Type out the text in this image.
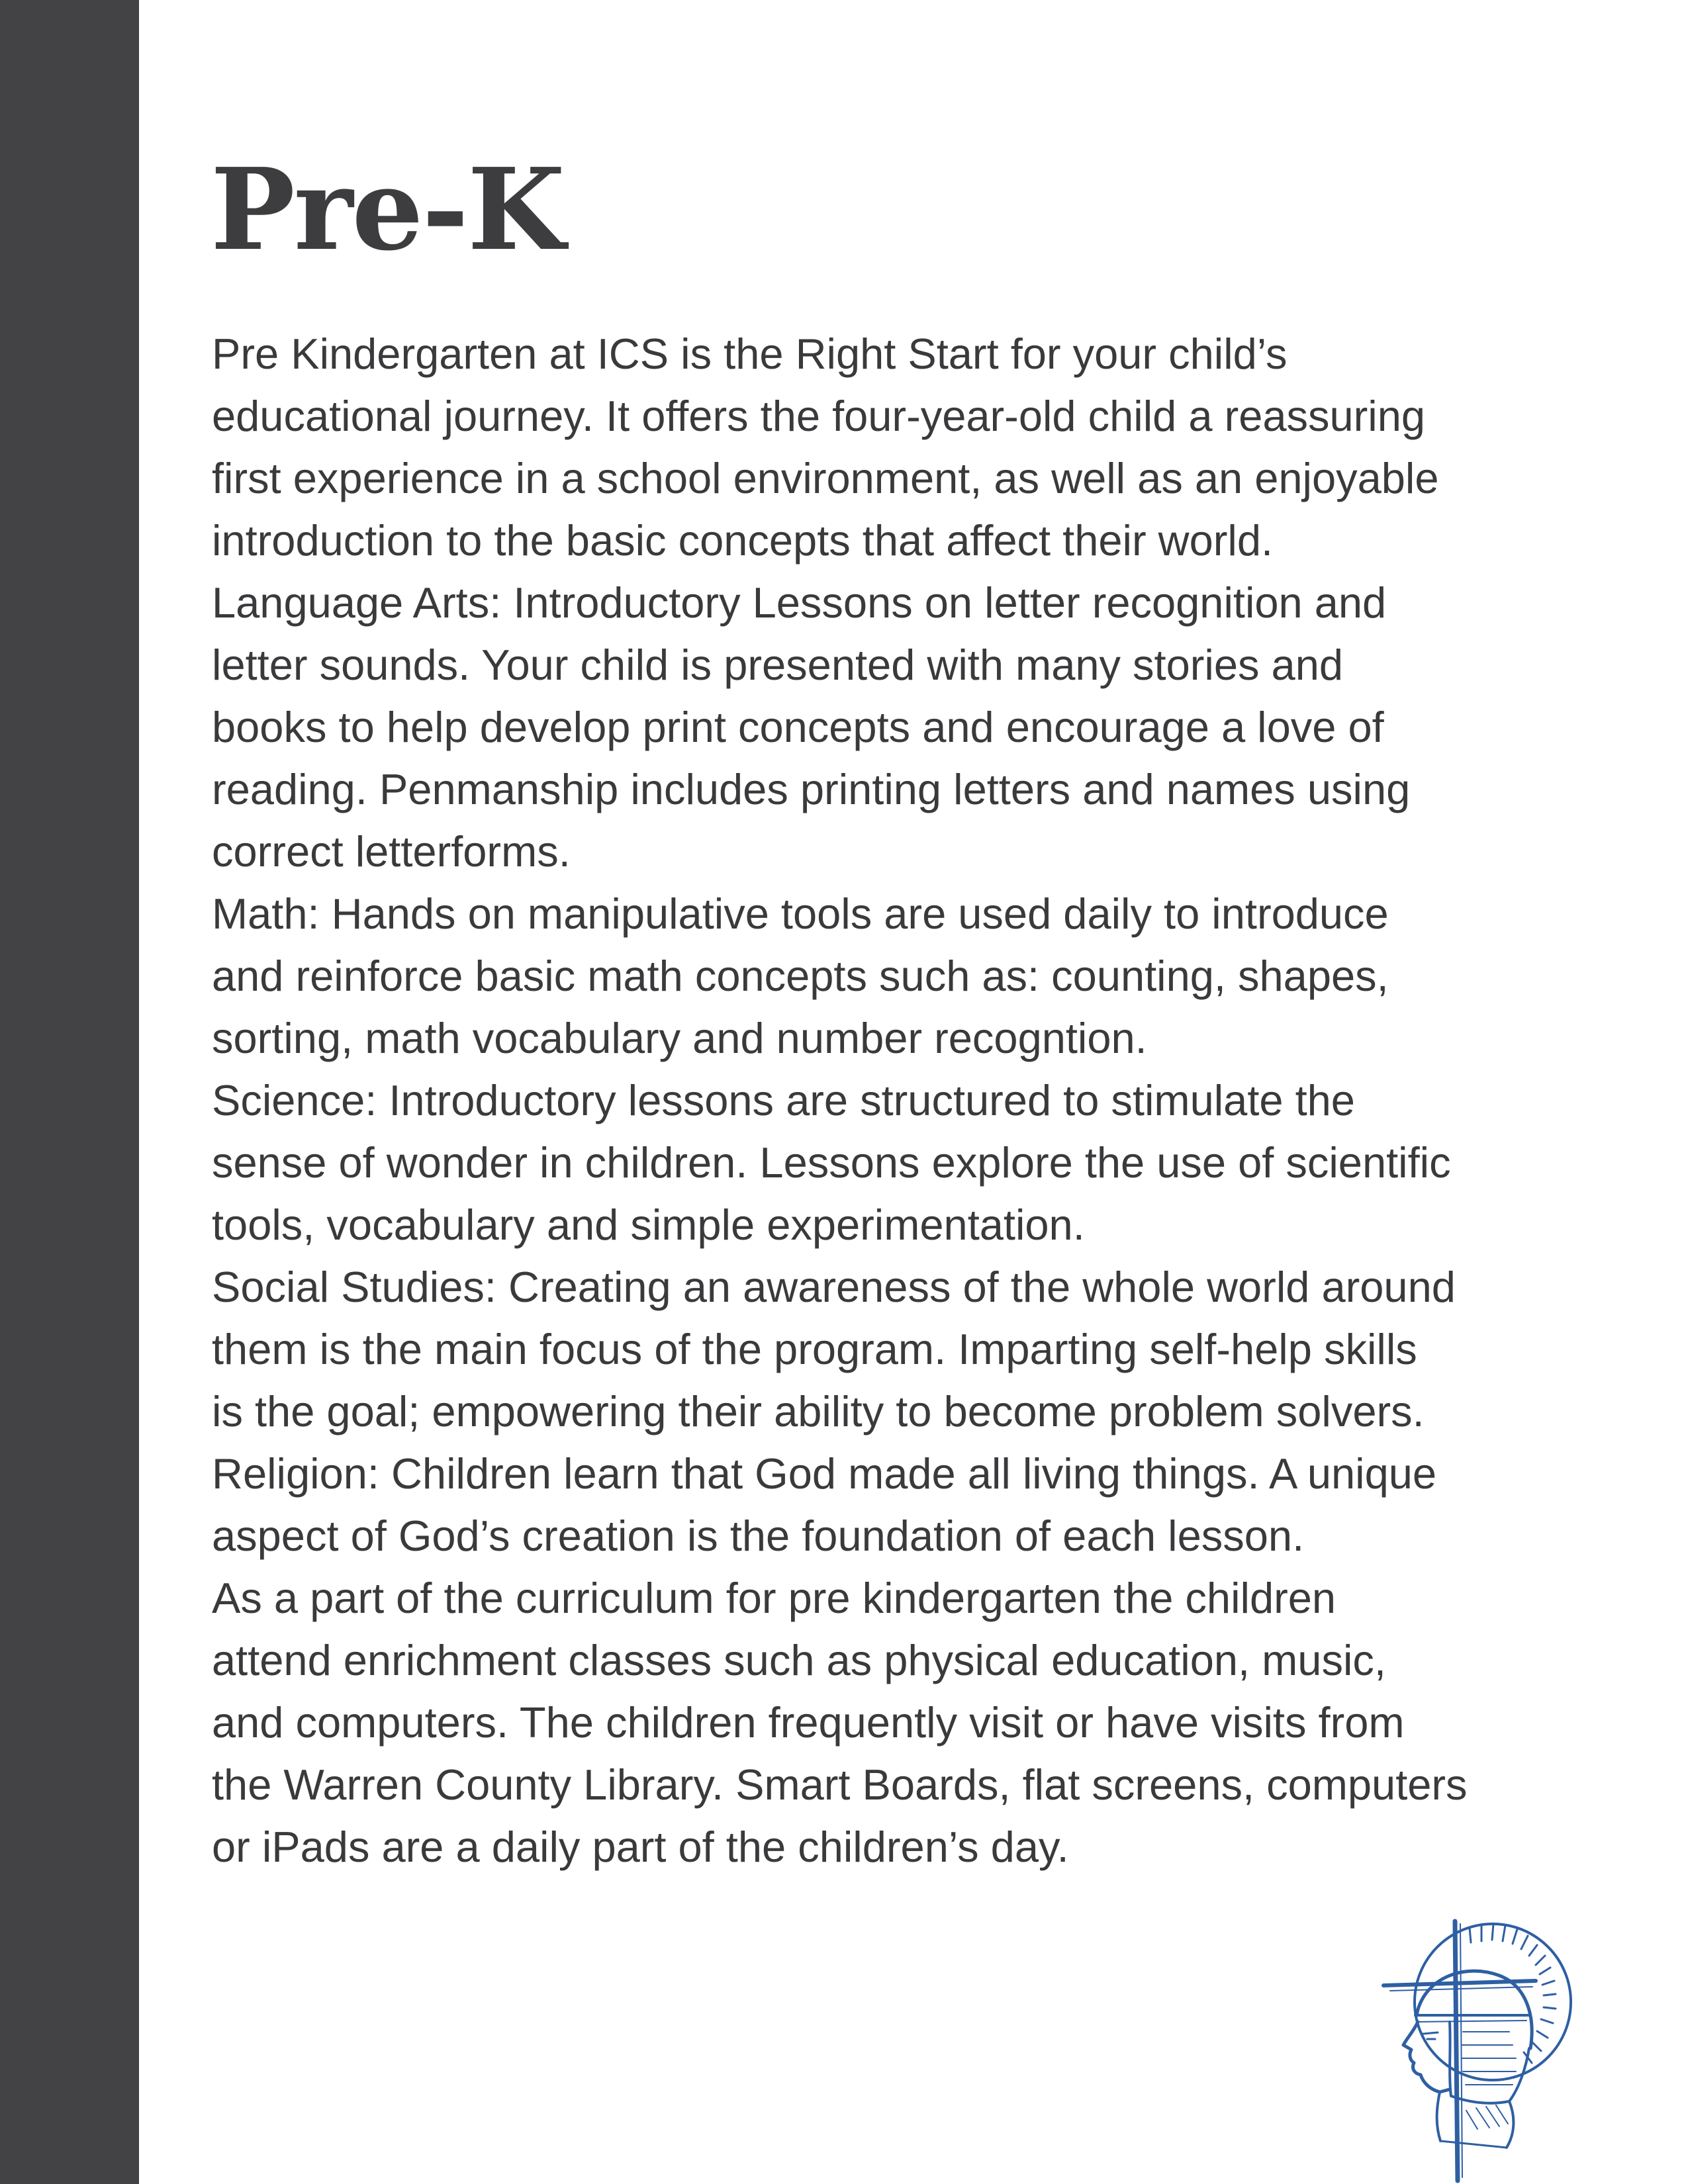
Pre-K
Pre Kindergarten at ICS is the Right Start for your child’s
educational journey. It offers the four-year-old child a reassuring
first experience in a school environment, as well as an enjoyable
introduction to the basic concepts that affect their world.
Language Arts: Introductory Lessons on letter recognition and
letter sounds. Your child is presented with many stories and
books to help develop print concepts and encourage a love of
reading. Penmanship includes printing letters and names using
correct letterforms.
Math: Hands on manipulative tools are used daily to introduce
and reinforce basic math concepts such as: counting, shapes,
sorting, math vocabulary and number recogntion.
Science: Introductory lessons are structured to stimulate the
sense of wonder in children. Lessons explore the use of scientific
tools, vocabulary and simple experimentation.
Social Studies: Creating an awareness of the whole world around
them is the main focus of the program. Imparting self-help skills
is the goal; empowering their ability to become problem solvers.
Religion: Children learn that God made all living things. A unique
aspect of God’s creation is the foundation of each lesson.
As a part of the curriculum for pre kindergarten the children
attend enrichment classes such as physical education, music,
and computers. The children frequently visit or have visits from
the Warren County Library. Smart Boards, flat screens, computers
or iPads are a daily part of the children’s day.
